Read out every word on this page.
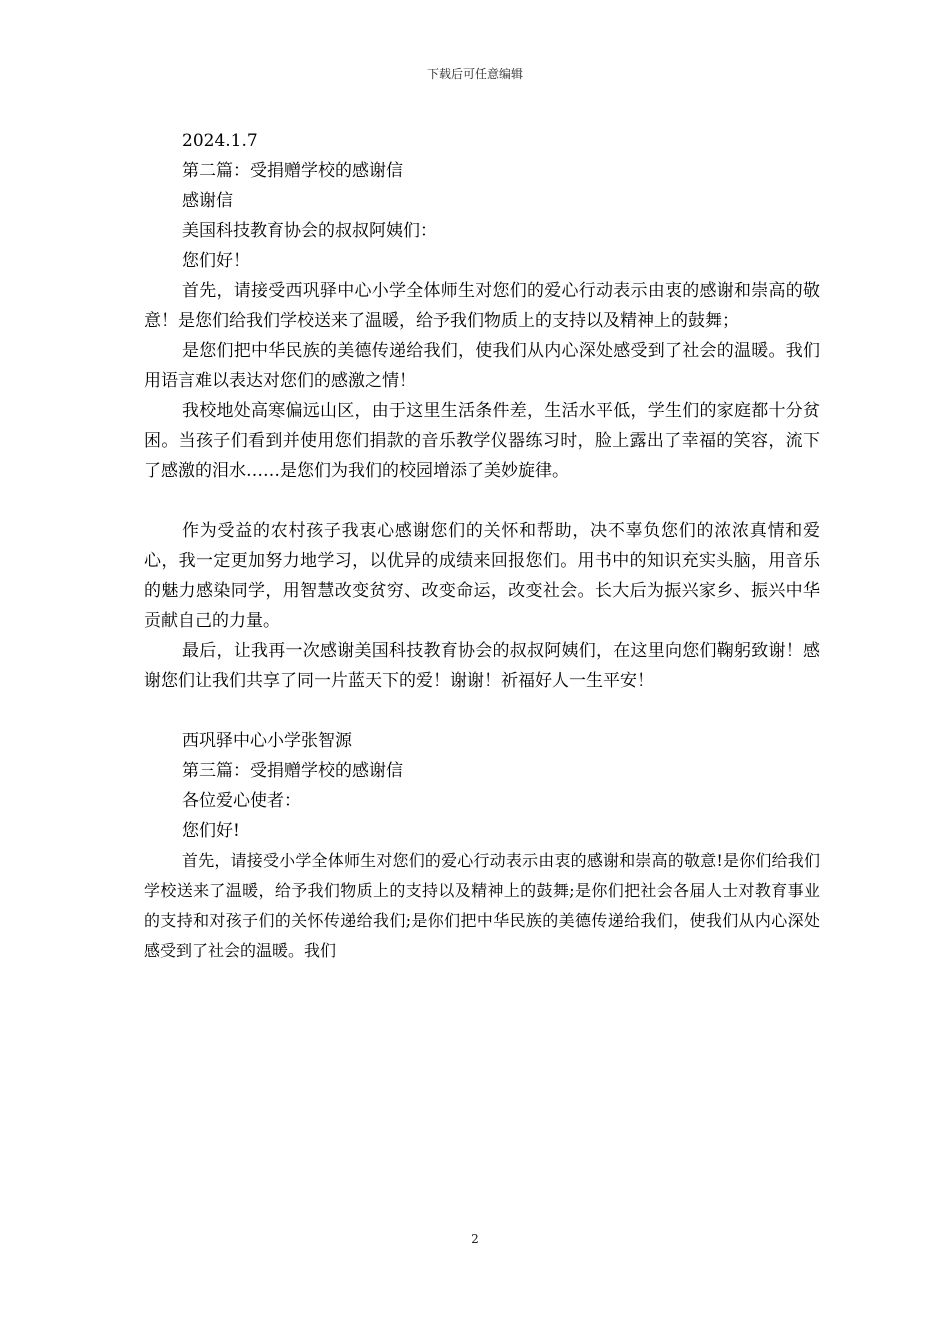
下载后可任意编辑
2024.1.7
第二篇：受捐赠学校的感谢信
感谢信
美国科技教育协会的叔叔阿姨们：
您们好！

首先，请接受西巩驿中心小学全体师生对您们的爱心行动表示由衷的感谢和崇高的敬意！是您们给我们学校送来了温暖，给予我们物质上的支持以及精神上的鼓舞；

是您们把中华民族的美德传递给我们，使我们从内心深处感受到了社会的温暖。我们用语言难以表达对您们的感激之情！

我校地处高寒偏远山区，由于这里生活条件差，生活水平低，学生们的家庭都十分贫困。当孩子们看到并使用您们捐款的音乐教学仪器练习时，脸上露出了幸福的笑容，流下了感激的泪水……是您们为我们的校园增添了美妙旋律。

作为受益的农村孩子我衷心感谢您们的关怀和帮助，决不辜负您们的浓浓真情和爱心，我一定更加努力地学习，以优异的成绩来回报您们。用书中的知识充实头脑，用音乐的魅力感染同学，用智慧改变贫穷、改变命运，改变社会。长大后为振兴家乡、振兴中华贡献自己的力量。

最后，让我再一次感谢美国科技教育协会的叔叔阿姨们，在这里向您们鞠躬致谢！感谢您们让我们共享了同一片蓝天下的爱！谢谢！祈福好人一生平安！

西巩驿中心小学张智源
第三篇：受捐赠学校的感谢信
各位爱心使者：
您们好!

首先，请接受小学全体师生对您们的爱心行动表示由衷的感谢和崇高的敬意!是你们给我们学校送来了温暖，给予我们物质上的支持以及精神上的鼓舞;是你们把社会各届人士对教育事业的支持和对孩子们的关怀传递给我们;是你们把中华民族的美德传递给我们，使我们从内心深处感受到了社会的温暖。我们

2
